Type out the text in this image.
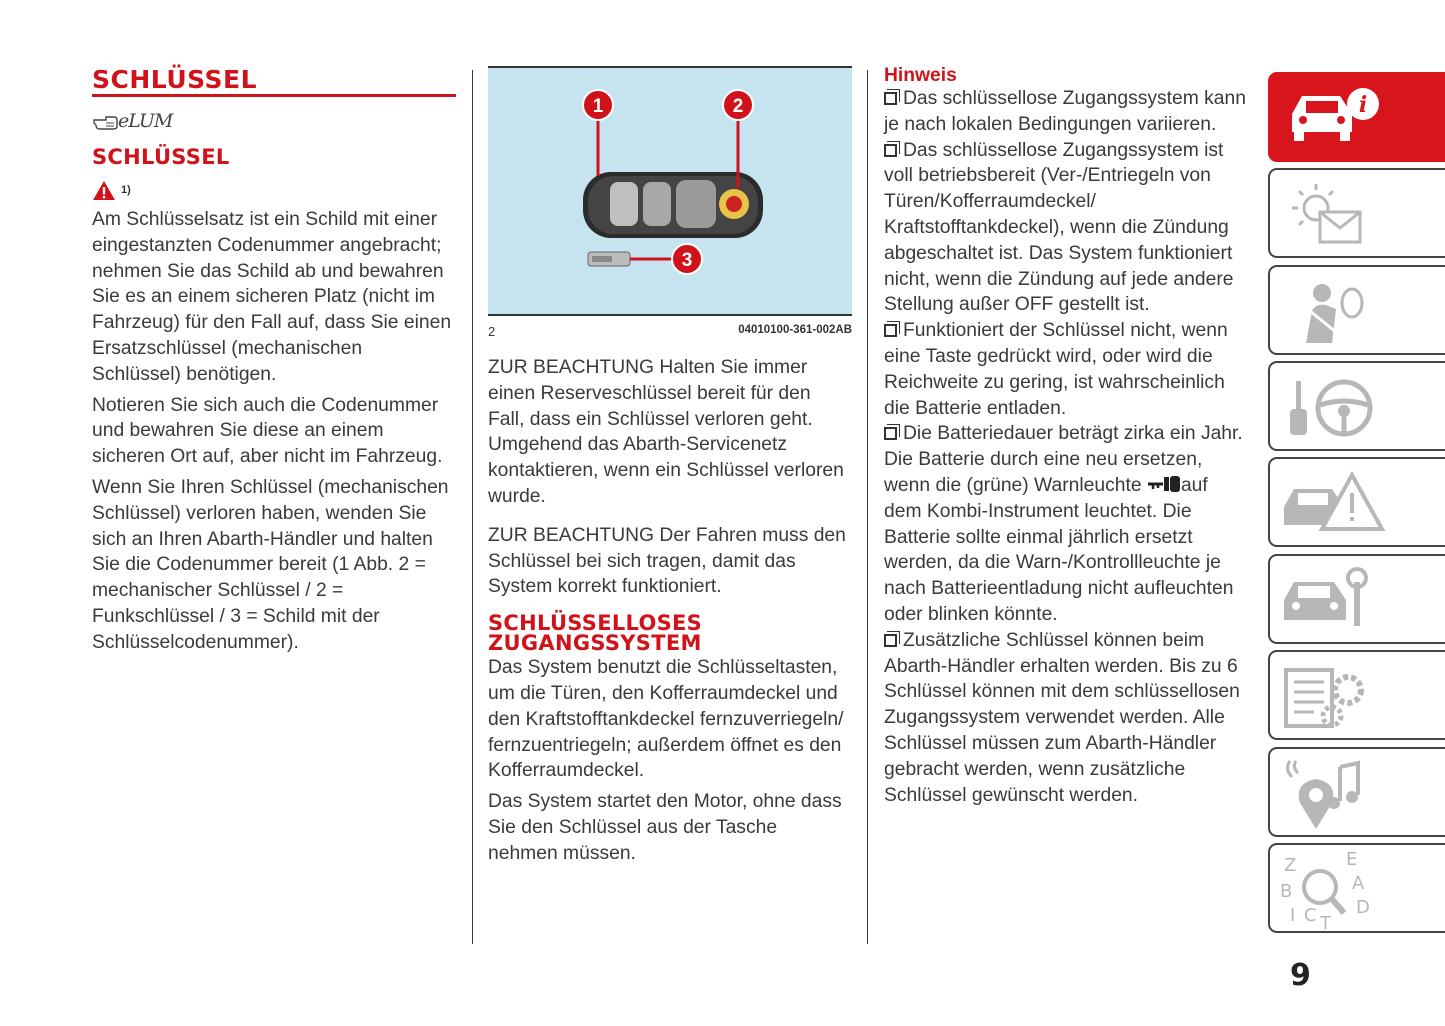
SCHLÜSSEL
eLUM
SCHLÜSSEL
1)

Am Schlüsselsatz ist ein Schild mit einer eingestanzten Codenummer angebracht; nehmen Sie das Schild ab und bewahren Sie es an einem sicheren Platz (nicht im Fahrzeug) für den Fall auf, dass Sie einen Ersatzschlüssel (mechanischen Schlüssel) benötigen.

Notieren Sie sich auch die Codenummer und bewahren Sie diese an einem sicheren Ort auf, aber nicht im Fahrzeug.

Wenn Sie Ihren Schlüssel (mechanischen Schlüssel) verloren haben, wenden Sie sich an Ihren Abarth-Händler und halten Sie die Codenummer bereit (1 Abb. 2 = mechanischer Schlüssel / 2 = Funkschlüssel / 3 = Schild mit der Schlüsselcodenummer).

1	2
3
2	04010100-361-002AB

ZUR BEACHTUNG Halten Sie immer einen Reserveschlüssel bereit für den Fall, dass ein Schlüssel verloren geht. Umgehend das Abarth-Servicenetz kontaktieren, wenn ein Schlüssel verloren wurde.

ZUR BEACHTUNG Der Fahren muss den Schlüssel bei sich tragen, damit das System korrekt funktioniert.

SCHLÜSSELLOSES
ZUGANGSSYSTEM

Das System benutzt die Schlüsseltasten, um die Türen, den Kofferraumdeckel und den Kraftstofftankdeckel fernzuverriegeln/ fernzuentriegeln; außerdem öffnet es den Kofferraumdeckel.

Das System startet den Motor, ohne dass Sie den Schlüssel aus der Tasche nehmen müssen.

Hinweis

Das schlüssellose Zugangssystem kann je nach lokalen Bedingungen variieren.

Das schlüssellose Zugangssystem ist voll betriebsbereit (Ver-/Entriegeln von Türen/Kofferraumdeckel/ Kraftstofftankdeckel), wenn die Zündung abgeschaltet ist. Das System funktioniert nicht, wenn die Zündung auf jede andere Stellung außer OFF gestellt ist.

Funktioniert der Schlüssel nicht, wenn eine Taste gedrückt wird, oder wird die Reichweite zu gering, ist wahrscheinlich die Batterie entladen.

Die Batteriedauer beträgt zirka ein Jahr. Die Batterie durch eine neu ersetzen, wenn die (grüne) Warnleuchte auf dem Kombi-Instrument leuchtet. Die Batterie sollte einmal jährlich ersetzt werden, da die Warn-/Kontrollleuchte je nach Batterieentladung nicht aufleuchten oder blinken könnte.

Zusätzliche Schlüssel können beim Abarth-Händler erhalten werden. Bis zu 6 Schlüssel können mit dem schlüssellosen Zugangssystem verwendet werden. Alle Schlüssel müssen zum Abarth-Händler gebracht werden, wenn zusätzliche Schlüssel gewünscht werden.

i
Z	E
A
B
C
I T
D
9
